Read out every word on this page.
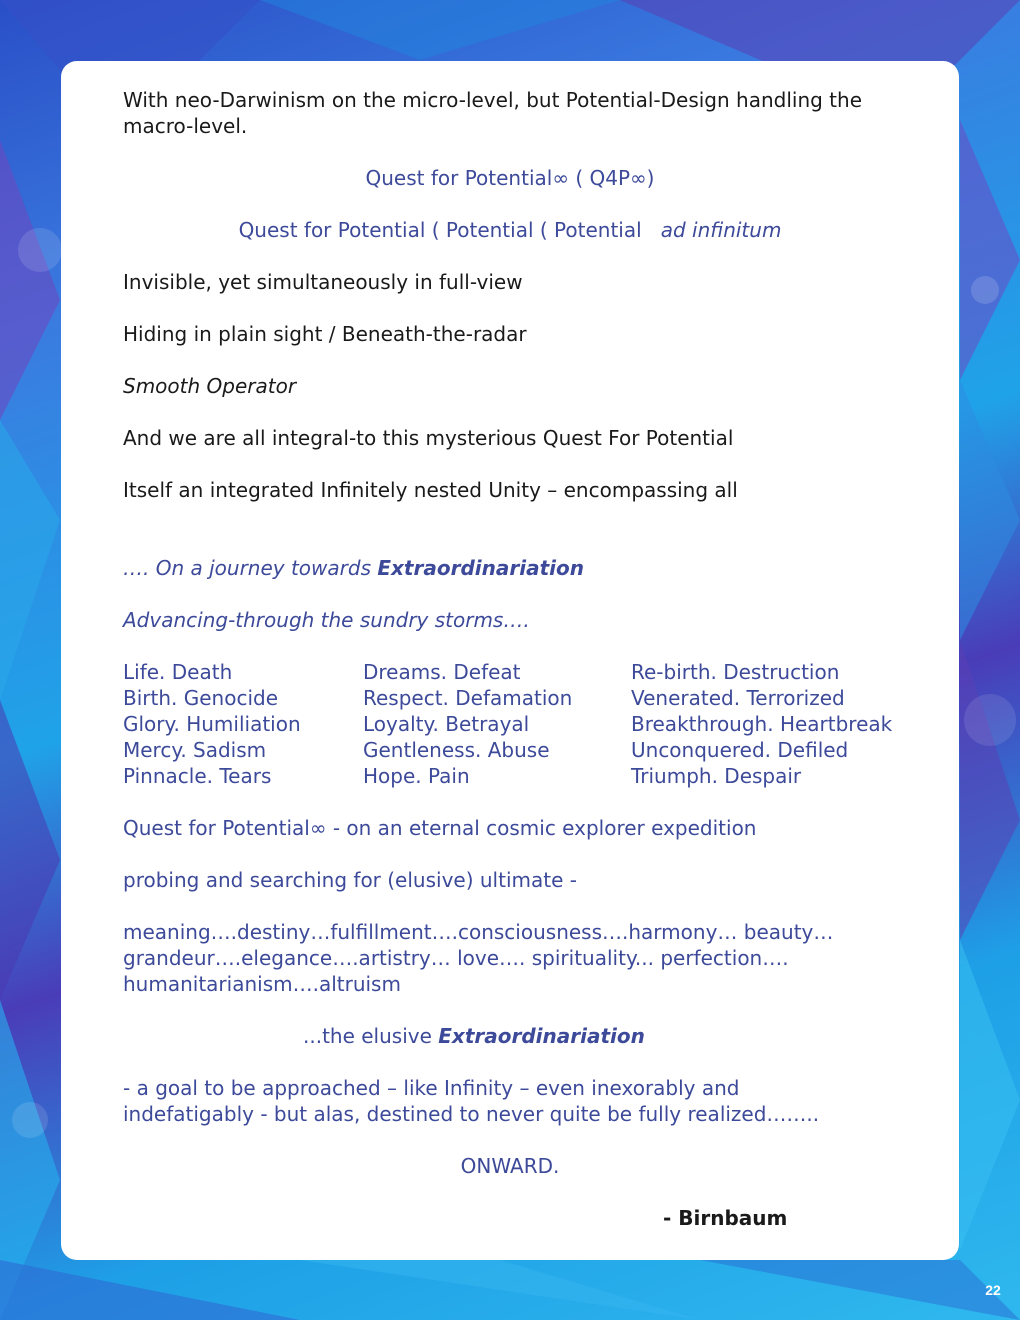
With neo-Darwinism on the micro-level, but Potential-Design handling the
macro-level.
Quest for Potential∞ ( Q4P∞)
Quest for Potential ( Potential ( Potential ad infinitum
Invisible, yet simultaneously in full-view
Hiding in plain sight / Beneath-the-radar
Smooth Operator
And we are all integral-to this mysterious Quest For Potential
Itself an integrated Infinitely nested Unity – encompassing all
…. On a journey towards Extraordinariation
Advancing-through the sundry storms….
Life. Death
Birth. Genocide
Glory. Humiliation
Mercy. Sadism
Pinnacle. Tears
Dreams. Defeat
Respect. Defamation
Loyalty. Betrayal
Gentleness. Abuse
Hope. Pain
Re-birth. Destruction
Venerated. Terrorized
Breakthrough. Heartbreak
Unconquered. Defiled
Triumph. Despair
Quest for Potential∞ - on an eternal cosmic explorer expedition
probing and searching for (elusive) ultimate -
meaning….destiny…fulfillment….consciousness….harmony… beauty…
grandeur….elegance….artistry… love…. spirituality... perfection….
humanitarianism….altruism
...the elusive Extraordinariation
- a goal to be approached – like Infinity – even inexorably and
indefatigably - but alas, destined to never quite be fully realized……..
ONWARD.
- Birnbaum
22
